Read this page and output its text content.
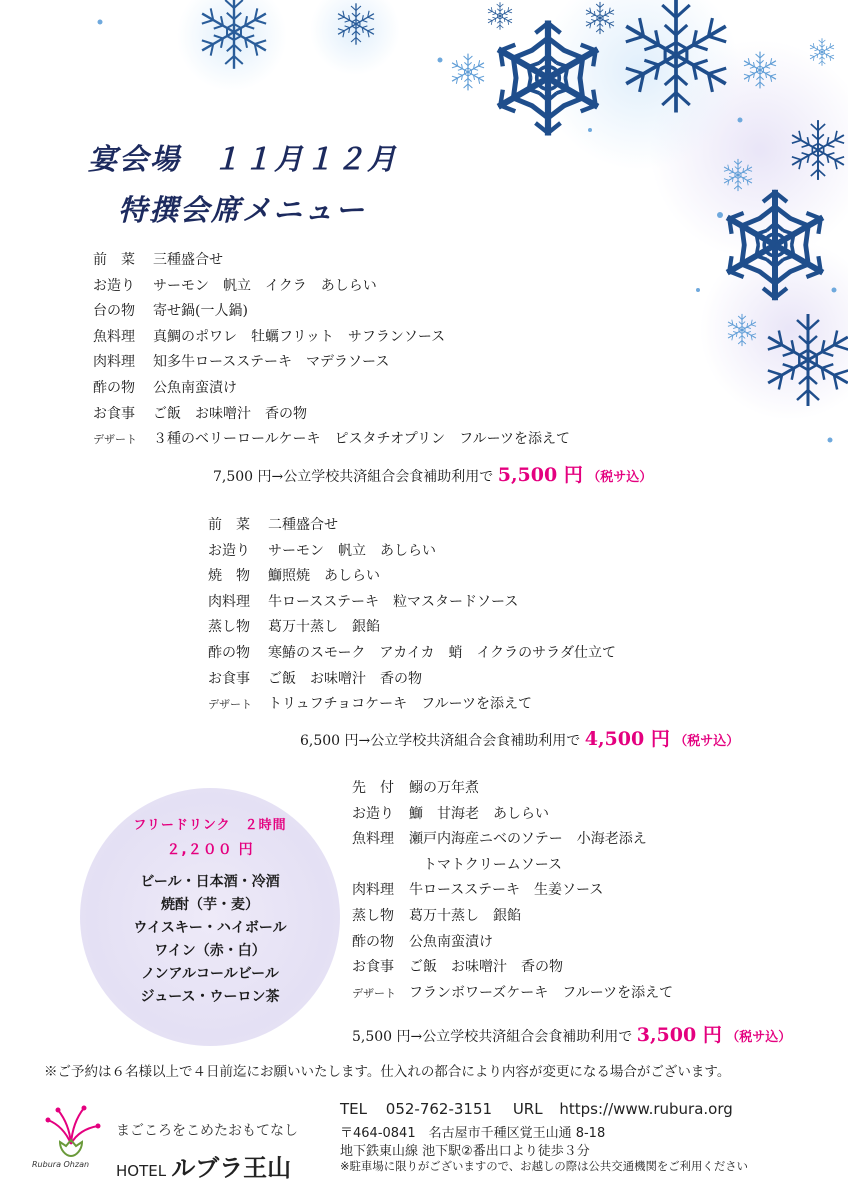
宴会場　１１月１２月
特撰会席メニュー
前　菜	三種盛合せ
お造り	サーモン　帆立　イクラ　あしらい
台の物	寄せ鍋(一人鍋)
魚料理	真鯛のポワレ　牡蠣フリット　サフランソース
肉料理	知多牛ロースステーキ　マデラソース
酢の物	公魚南蛮漬け
お食事	ご飯　お味噌汁　香の物
デザート	３種のベリーロールケーキ　ピスタチオプリン　フルーツを添えて
7,500 円→公立学校共済組合会食補助利用で 5,500 円 （税サ込）
前　菜	二種盛合せ
お造り	サーモン　帆立　あしらい
焼　物	鰤照焼　あしらい
肉料理	牛ロースステーキ　粒マスタードソース
蒸し物	葛万十蒸し　銀餡
酢の物	寒鰆のスモーク　アカイカ　蛸　イクラのサラダ仕立て
お食事	ご飯　お味噌汁　香の物
デザート	トリュフチョコケーキ　フルーツを添えて
6,500 円→公立学校共済組合会食補助利用で 4,500 円 （税サ込）
先　付	鰯の万年煮
お造り	鰤　甘海老　あしらい
魚料理	瀬戸内海産ニベのソテー　小海老添え
　トマトクリームソース
肉料理	牛ロースステーキ　生姜ソース
蒸し物	葛万十蒸し　銀餡
酢の物	公魚南蛮漬け
お食事	ご飯　お味噌汁　香の物
デザート フランボワーズケーキ　フルーツを添えて
5,500 円→公立学校共済組合会食補助利用で 3,500 円 （税サ込）
フリードリンク　２時間
２,２００ 円
ビール・日本酒・冷酒
焼酎（芋・麦）
ウイスキー・ハイボール
ワイン（赤・白）
ノンアルコールビール
ジュース・ウーロン茶
※ご予約は６名様以上で４日前迄にお願いいたします。仕入れの都合により内容が変更になる場合がございます。
Rubura Ohzan
まごころをこめたおもてなし
HOTEL ルブラ王山
TEL 052-762-3151 URL https://www.rubura.org
〒464-0841　名古屋市千種区覚王山通 8-18
地下鉄東山線 池下駅②番出口より徒歩３分
※駐車場に限りがございますので、お越しの際は公共交通機関をご利用ください
